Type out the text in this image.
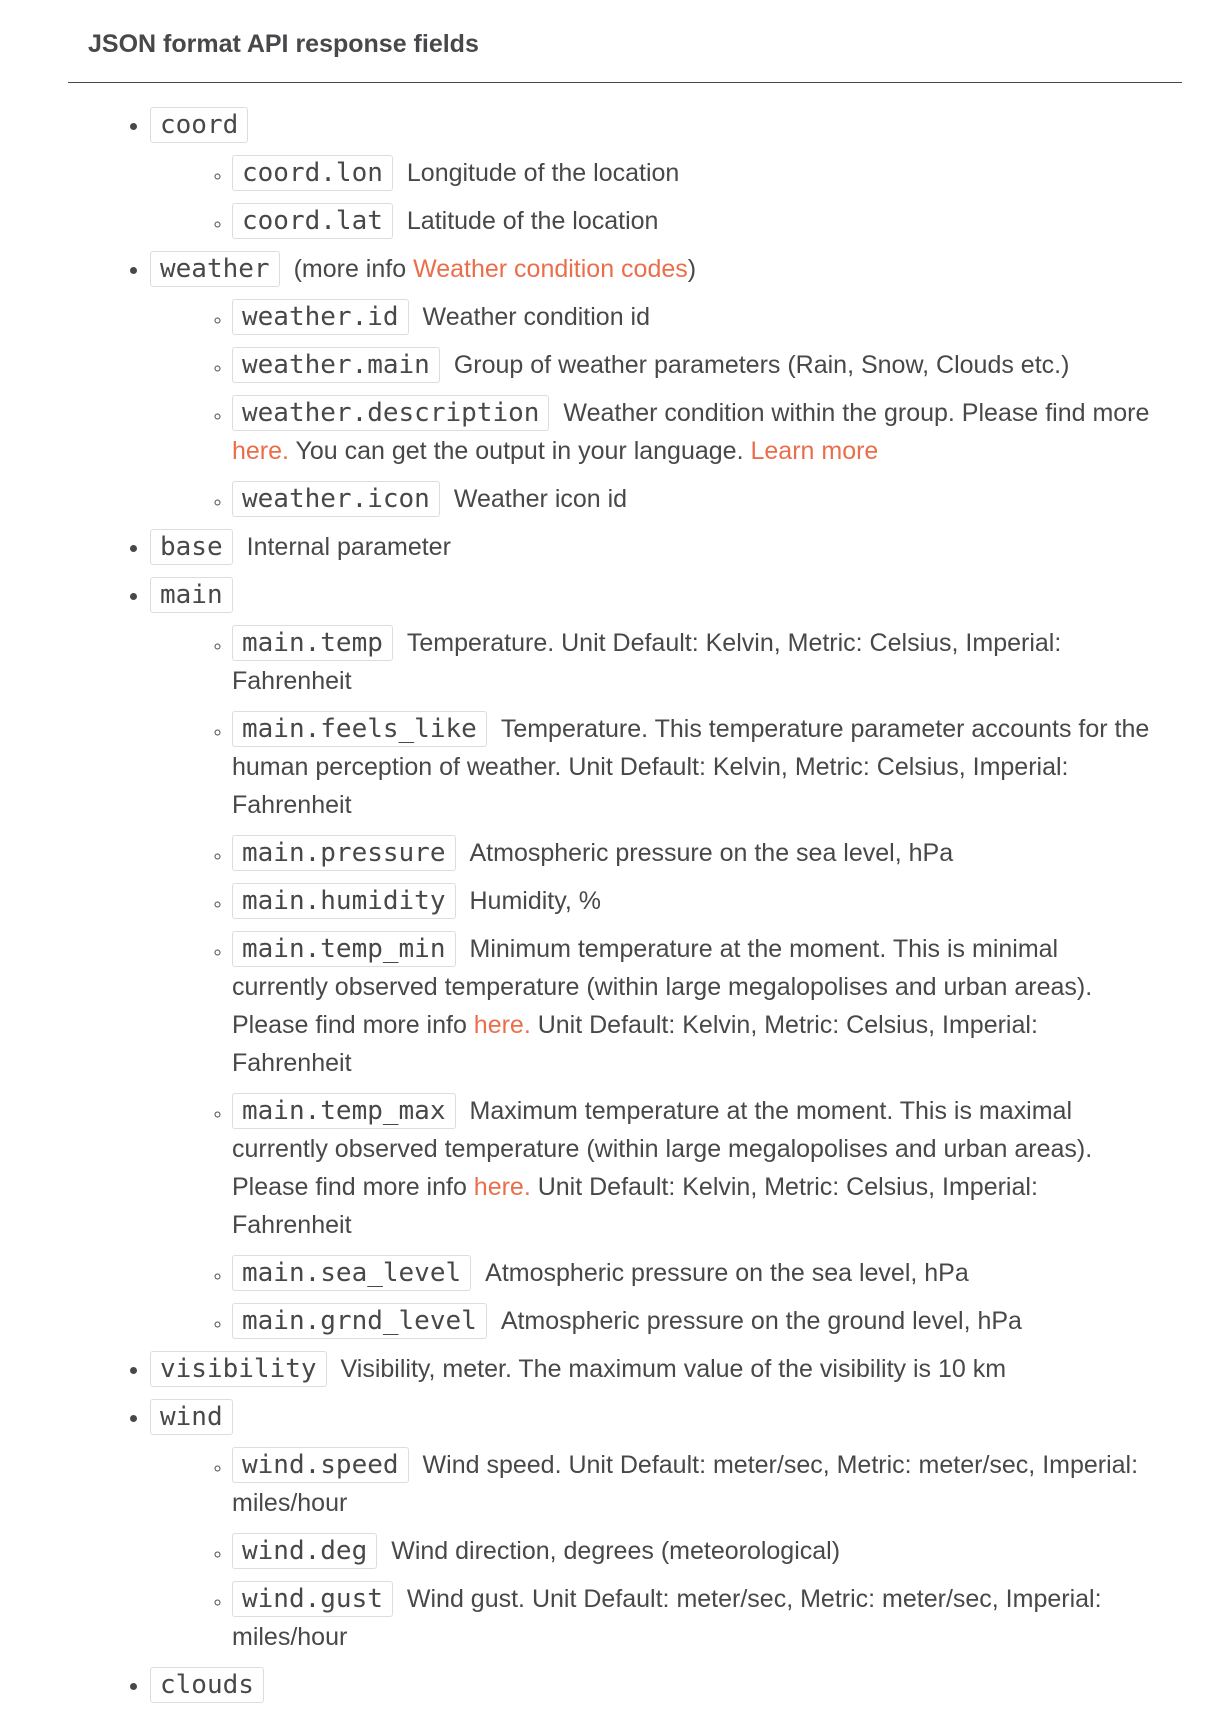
JSON format API response fields
• coord
◦ coord.lon Longitude of the location
◦ coord.lat Latitude of the location
• weather (more info Weather condition codes)
◦ weather.id Weather condition id
◦ weather.main Group of weather parameters (Rain, Snow, Clouds etc.)
◦ weather.description Weather condition within the group. Please find more here. You can get the output in your language. Learn more
◦ weather.icon Weather icon id
• base Internal parameter
• main
◦ main.temp Temperature. Unit Default: Kelvin, Metric: Celsius, Imperial: Fahrenheit
◦ main.feels_like Temperature. This temperature parameter accounts for the human perception of weather. Unit Default: Kelvin, Metric: Celsius, Imperial: Fahrenheit
◦ main.pressure Atmospheric pressure on the sea level, hPa
◦ main.humidity Humidity, %
◦ main.temp_min Minimum temperature at the moment. This is minimal currently observed temperature (within large megalopolises and urban areas). Please find more info here. Unit Default: Kelvin, Metric: Celsius, Imperial: Fahrenheit
◦ main.temp_max Maximum temperature at the moment. This is maximal currently observed temperature (within large megalopolises and urban areas). Please find more info here. Unit Default: Kelvin, Metric: Celsius, Imperial: Fahrenheit
◦ main.sea_level Atmospheric pressure on the sea level, hPa
◦ main.grnd_level Atmospheric pressure on the ground level, hPa
• visibility Visibility, meter. The maximum value of the visibility is 10 km
• wind
◦ wind.speed Wind speed. Unit Default: meter/sec, Metric: meter/sec, Imperial: miles/hour
◦ wind.deg Wind direction, degrees (meteorological)
◦ wind.gust Wind gust. Unit Default: meter/sec, Metric: meter/sec, Imperial: miles/hour
• clouds
